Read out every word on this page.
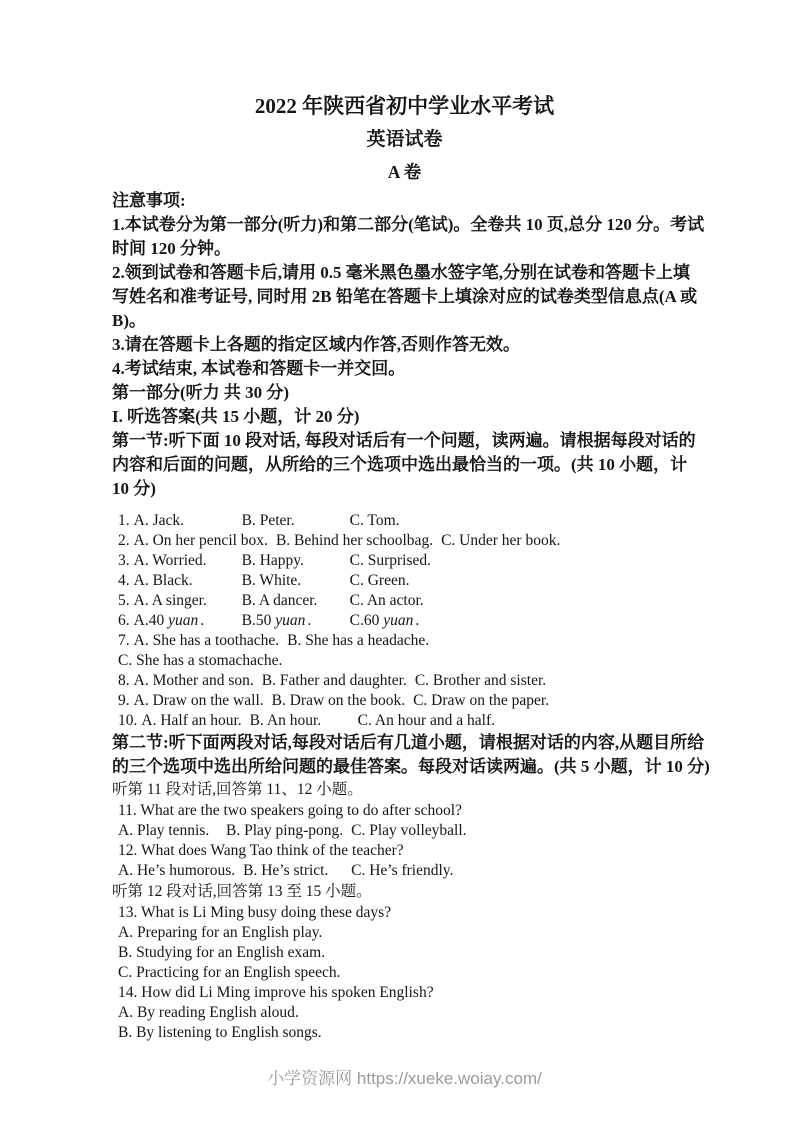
2022 年陕西省初中学业水平考试
英语试卷
A 卷
注意事项:
1.本试卷分为第一部分(听力)和第二部分(笔试)。全卷共 10 页,总分 120 分。考试
时间 120 分钟。
2.领到试卷和答题卡后,请用 0.5 毫米黑色墨水签字笔,分别在试卷和答题卡上填
写姓名和准考证号, 同时用 2B 铅笔在答题卡上填涂对应的试卷类型信息点(A 或
B)。
3.请在答题卡上各题的指定区域内作答,否则作答无效。
4.考试结束, 本试卷和答题卡一并交回。
第一部分(听力 共 30 分)
I. 听选答案(共 15 小题，计 20 分)
第一节:听下面 10 段对话, 每段对话后有一个问题，读两遍。请根据每段对话的
内容和后面的问题，从所给的三个选项中选出最恰当的一项。(共 10 小题，计
10 分)
1. A. Jack.	B. Peter.	C. Tom.
2. A. On her pencil box. B. Behind her schoolbag. C. Under her book.
3. A. Worried. B. Happy.	C. Surprised.
4. A. Black.	B. White.	C. Green.
5. A. A singer. B. A dancer. C. An actor.
6. A.40 yuan . B.50 yuan . C.60 yuan .
7. A. She has a toothache. B. She has a headache.
C. She has a stomachache.
8. A. Mother and son. B. Father and daughter. C. Brother and sister.
9. A. Draw on the wall. B. Draw on the book. C. Draw on the paper.
10. A. Half an hour. B. An hour. C. An hour and a half.
第二节:听下面两段对话,每段对话后有几道小题，请根据对话的内容,从题目所给
的三个选项中选出所给问题的最佳答案。每段对话读两遍。(共 5 小题，计 10 分)
听第 11 段对话,回答第 11、12 小题。
11. What are the two speakers going to do after school?
A. Play tennis. B. Play ping-pong. C. Play volleyball.
12. What does Wang Tao think of the teacher?
A. He’s humorous. B. He’s strict. C. He’s friendly.
听第 12 段对话,回答第 13 至 15 小题。
13. What is Li Ming busy doing these days?
A. Preparing for an English play.
B. Studying for an English exam.
C. Practicing for an English speech.
14. How did Li Ming improve his spoken English?
A. By reading English aloud.
B. By listening to English songs.
小学资源网 https://xueke.woiay.com/
